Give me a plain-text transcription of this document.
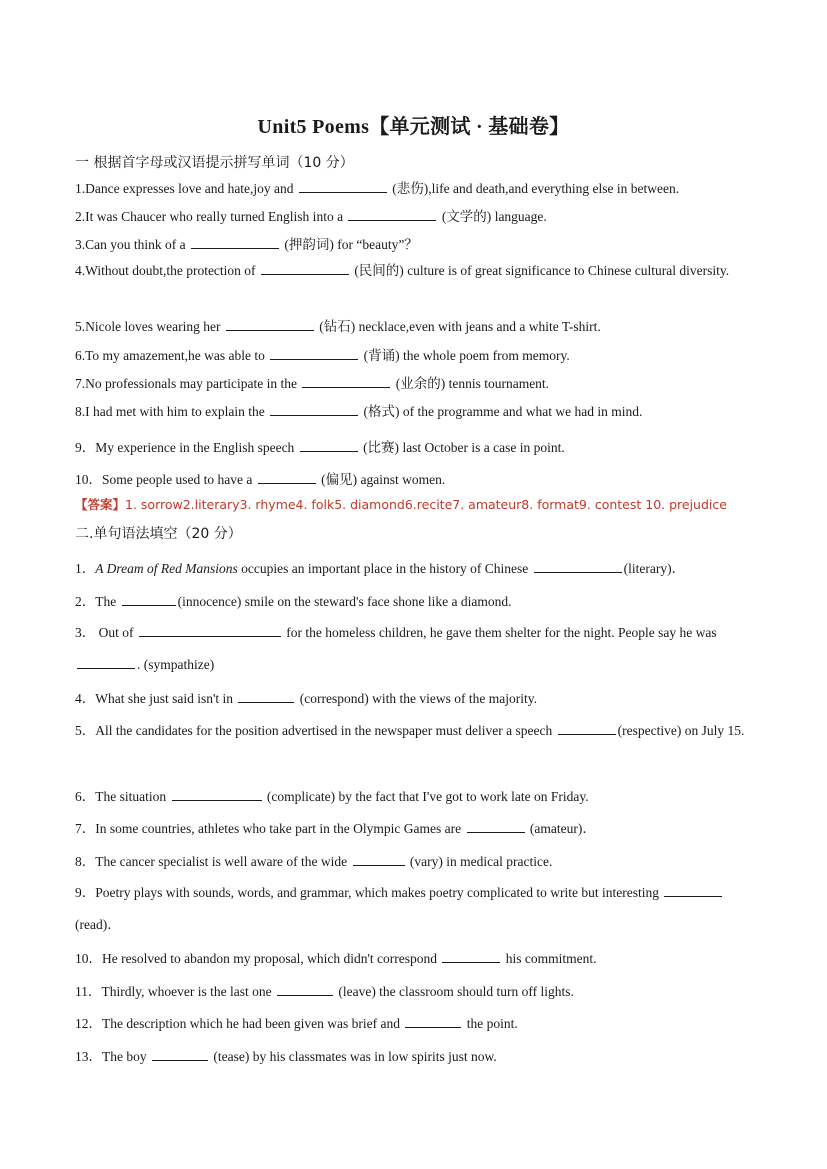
Unit5 Poems【单元测试 · 基础卷】
一 根据首字母或汉语提示拼写单词（10 分）
1.Dance expresses love and hate,joy and	(悲伤),life and death,and everything else in between.
2.It was Chaucer who really turned English into a	(文学的) language.
3.Can you think of a	(押韵词) for “beauty”？
4.Without doubt,the protection of	(民间的) culture is of great significance to Chinese cultural diversity.
5.Nicole loves wearing her	(钻石) necklace,even with jeans and a white T-shirt.
6.To my amazement,he was able to	(背诵) the whole poem from memory.
7.No professionals may participate in the	(业余的) tennis tournament.
8.I had met with him to explain the	(格式) of the programme and what we had in mind.
9．My experience in the English speech	(比赛) last October is a case in point.
10．Some people used to have a	(偏见) against women.
【答案】1. sorrow2.literary3. rhyme4. folk5. diamond6.recite7. amateur8. format9. contest 10. prejudice
二.单句语法填空（20 分）
1．A Dream of Red Mansions occupies an important place in the history of Chinese	(literary)．
2．The	(innocence) smile on the steward's face shone like a diamond.
3． Out of	for the homeless children, he gave them shelter for the night. People say he was . (sympathize)
4．What she just said isn't in	(correspond) with the views of the majority.
5．All the candidates for the position advertised in the newspaper must deliver a speech	(respective) on July 15.
6．The situation	(complicate) by the fact that I've got to work late on Friday.
7．In some countries, athletes who take part in the Olympic Games are	(amateur)．
8．The cancer specialist is well aware of the wide	(vary) in medical practice.
9．Poetry plays with sounds, words, and grammar, which makes poetry complicated to write but interesting  (read)．
10．He resolved to abandon my proposal, which didn't correspond	his commitment.
11．Thirdly, whoever is the last one	(leave) the classroom should turn off lights.
12．The description which he had been given was brief and	the point.
13．The boy	(tease) by his classmates was in low spirits just now.
